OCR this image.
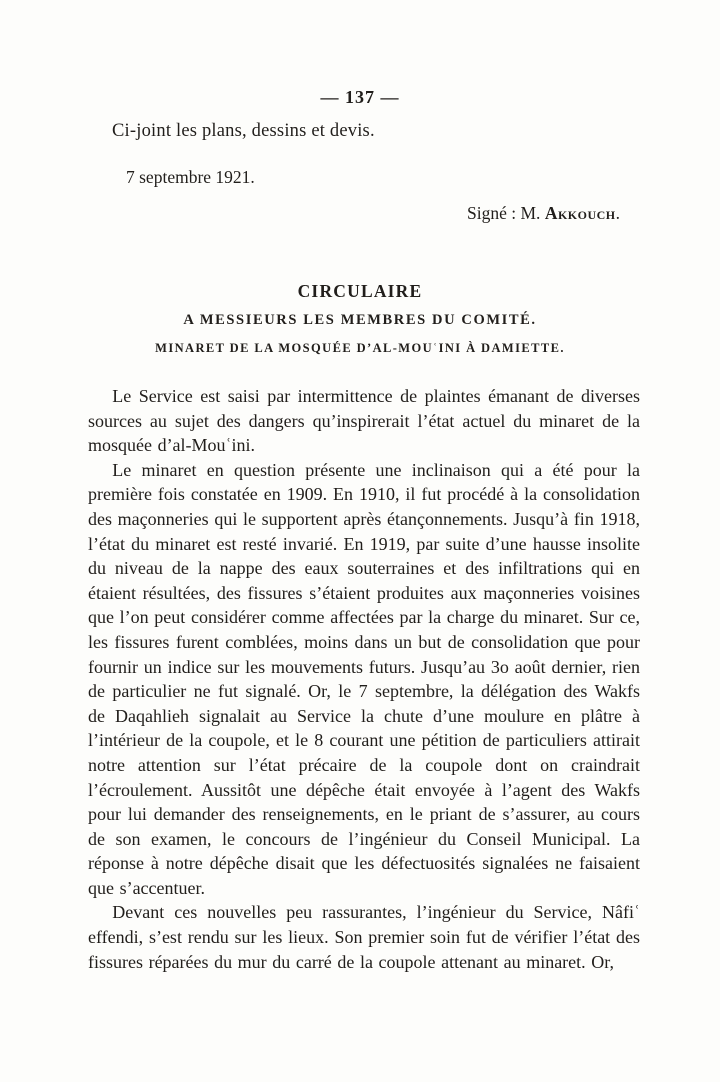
— 137 —

Ci-joint les plans, dessins et devis.

7 septembre 1921.

Signé : M. Akkouch.

CIRCULAIRE
A MESSIEURS LES MEMBRES DU COMITÉ.
MINARET DE LA MOSQUÉE D’AL-MOUʿINI À DAMIETTE.

Le Service est saisi par intermittence de plaintes émanant de diverses sources au sujet des dangers qu’inspirerait l’état actuel du minaret de la mosquée d’al-Mouʿini.

Le minaret en question présente une inclinaison qui a été pour la première fois constatée en 1909. En 1910, il fut procédé à la consolidation des maçonneries qui le supportent après étançonnements. Jusqu’à fin 1918, l’état du minaret est resté invarié. En 1919, par suite d’une hausse insolite du niveau de la nappe des eaux souterraines et des infiltrations qui en étaient résultées, des fissures s’étaient produites aux maçonneries voisines que l’on peut considérer comme affectées par la charge du minaret. Sur ce, les fissures furent comblées, moins dans un but de consolidation que pour fournir un indice sur les mouvements futurs. Jusqu’au 3o août dernier, rien de particulier ne fut signalé. Or, le 7 septembre, la délégation des Wakfs de Daqahlieh signalait au Service la chute d’une moulure en plâtre à l’intérieur de la coupole, et le 8 courant une pétition de particuliers attirait notre attention sur l’état précaire de la coupole dont on craindrait l’écroulement. Aussitôt une dépêche était envoyée à l’agent des Wakfs pour lui demander des renseignements, en le priant de s’assurer, au cours de son examen, le concours de l’ingénieur du Conseil Municipal. La réponse à notre dépêche disait que les défectuosités signalées ne faisaient que s’accentuer.

Devant ces nouvelles peu rassurantes, l’ingénieur du Service, Nâfiʿ effendi, s’est rendu sur les lieux. Son premier soin fut de vérifier l’état des fissures réparées du mur du carré de la coupole attenant au minaret. Or,
